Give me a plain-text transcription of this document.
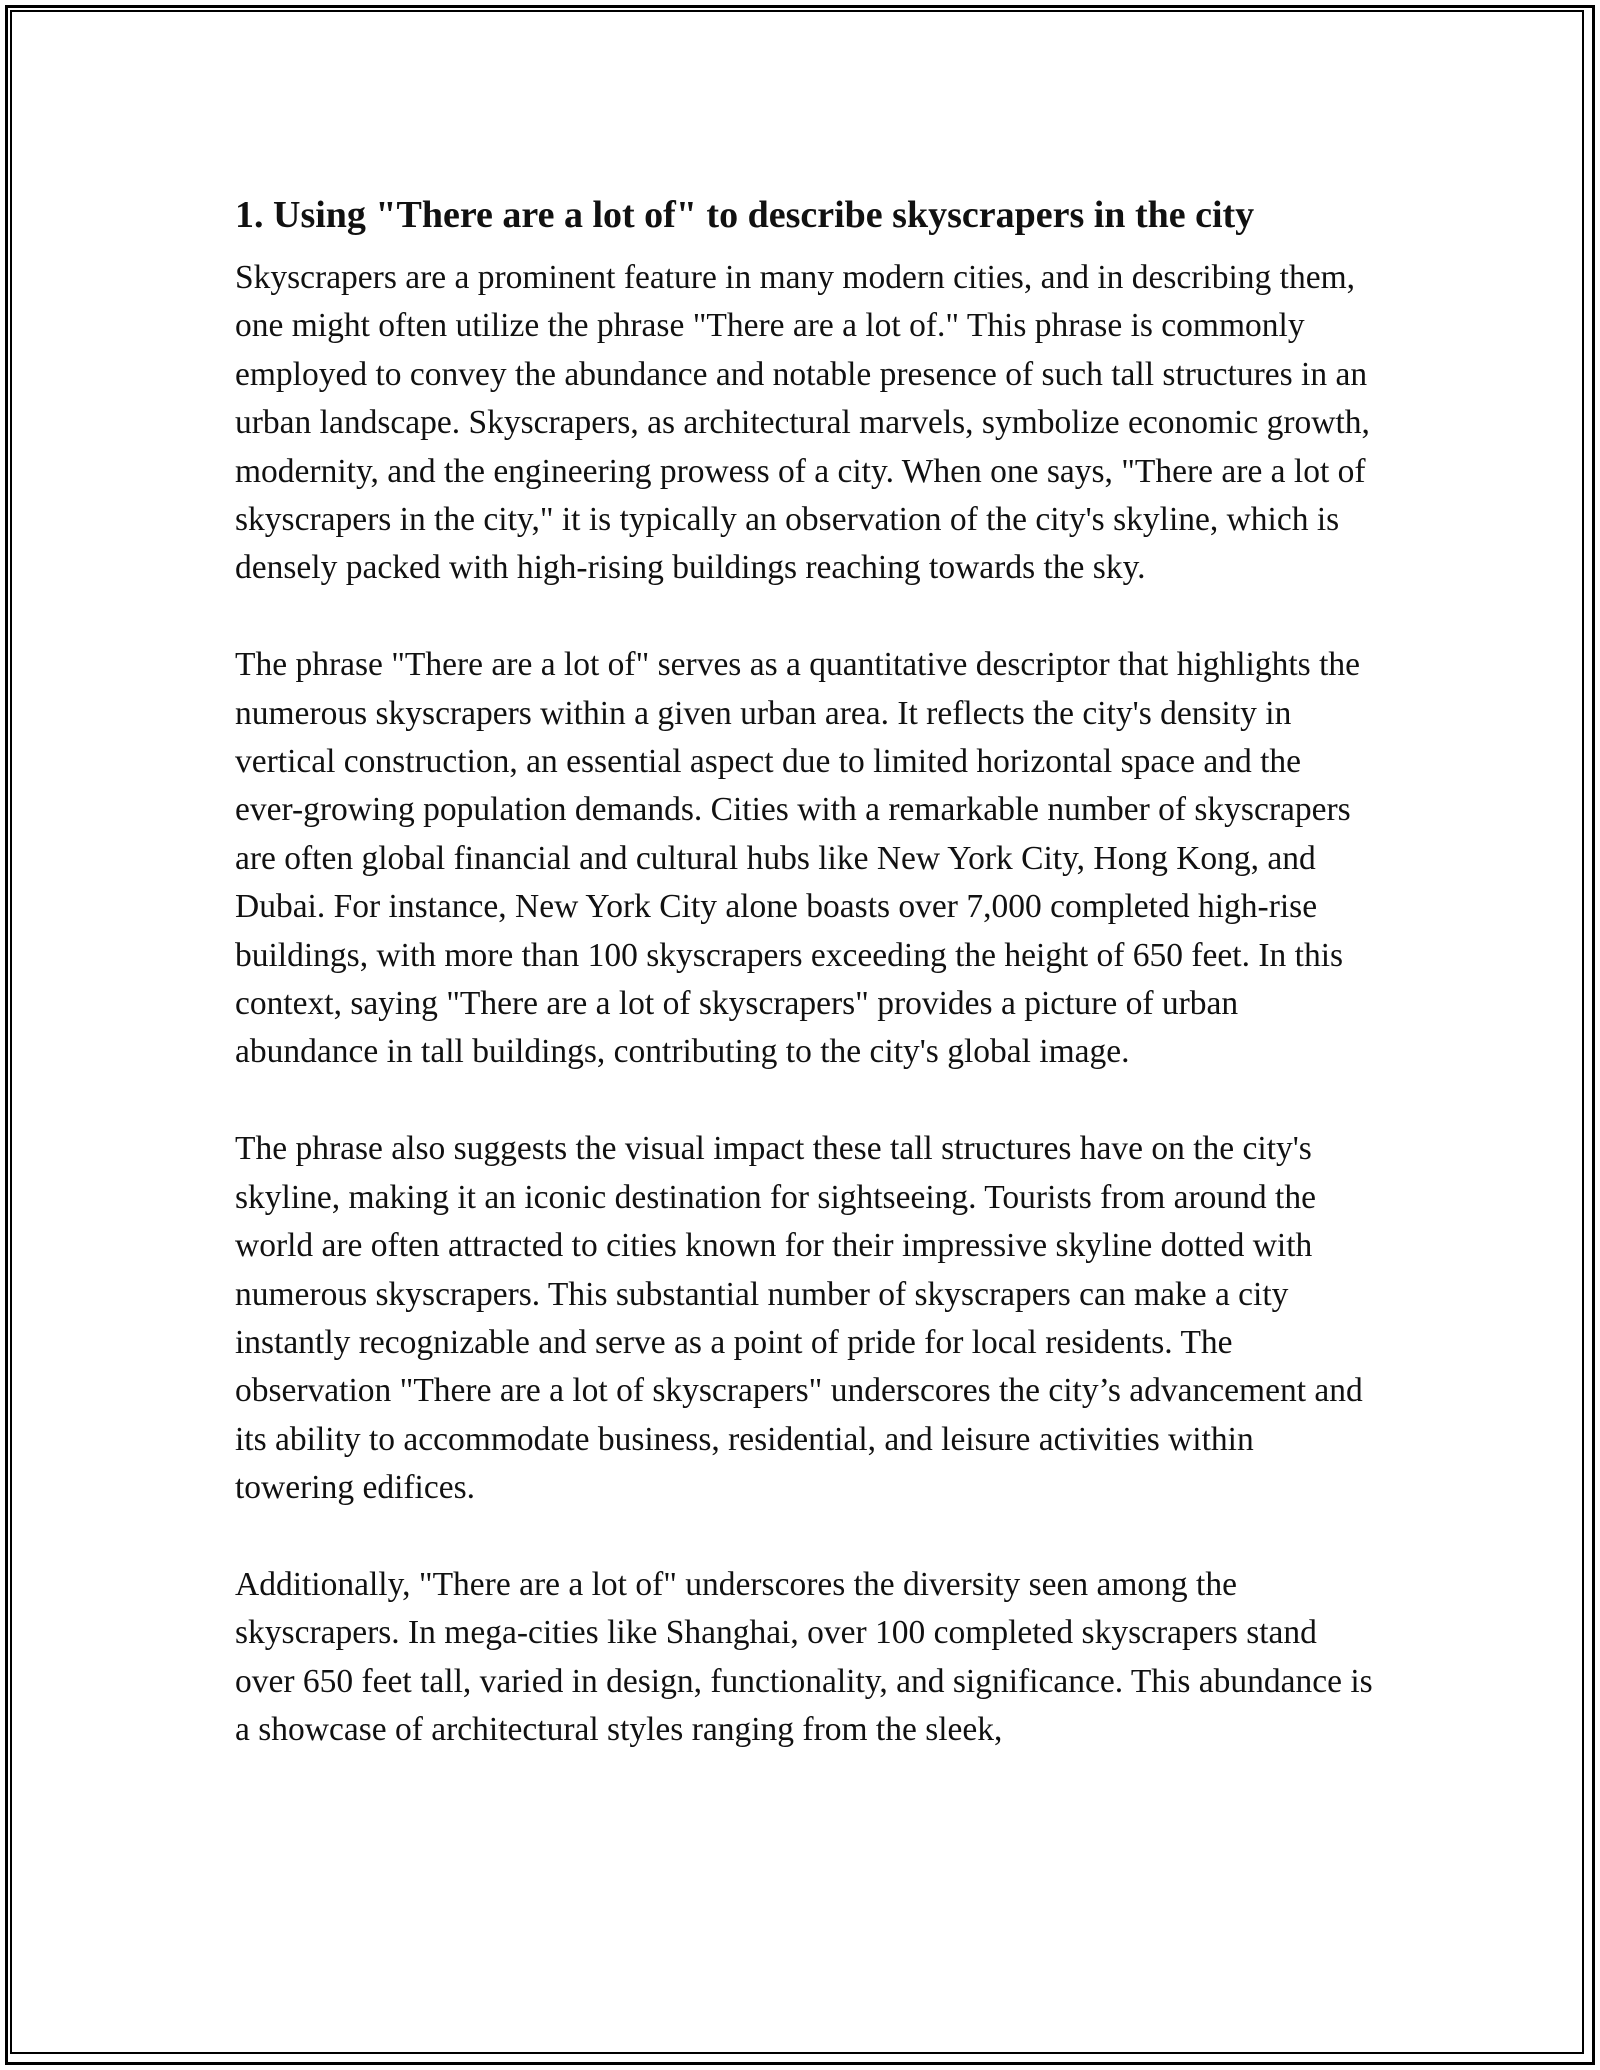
1. Using "There are a lot of" to describe skyscrapers in the city

Skyscrapers are a prominent feature in many modern cities, and in describing them, one might often utilize the phrase "There are a lot of." This phrase is commonly employed to convey the abundance and notable presence of such tall structures in an urban landscape. Skyscrapers, as architectural marvels, symbolize economic growth, modernity, and the engineering prowess of a city. When one says, "There are a lot of skyscrapers in the city," it is typically an observation of the city's skyline, which is densely packed with high-rising buildings reaching towards the sky.

The phrase "There are a lot of" serves as a quantitative descriptor that highlights the numerous skyscrapers within a given urban area. It reflects the city's density in vertical construction, an essential aspect due to limited horizontal space and the ever-growing population demands. Cities with a remarkable number of skyscrapers are often global financial and cultural hubs like New York City, Hong Kong, and Dubai. For instance, New York City alone boasts over 7,000 completed high-rise buildings, with more than 100 skyscrapers exceeding the height of 650 feet. In this context, saying "There are a lot of skyscrapers" provides a picture of urban abundance in tall buildings, contributing to the city's global image.

The phrase also suggests the visual impact these tall structures have on the city's skyline, making it an iconic destination for sightseeing. Tourists from around the world are often attracted to cities known for their impressive skyline dotted with numerous skyscrapers. This substantial number of skyscrapers can make a city instantly recognizable and serve as a point of pride for local residents. The observation "There are a lot of skyscrapers" underscores the city’s advancement and its ability to accommodate business, residential, and leisure activities within towering edifices.

Additionally, "There are a lot of" underscores the diversity seen among the skyscrapers. In mega-cities like Shanghai, over 100 completed skyscrapers stand over 650 feet tall, varied in design, functionality, and significance. This abundance is a showcase of architectural styles ranging from the sleek,
